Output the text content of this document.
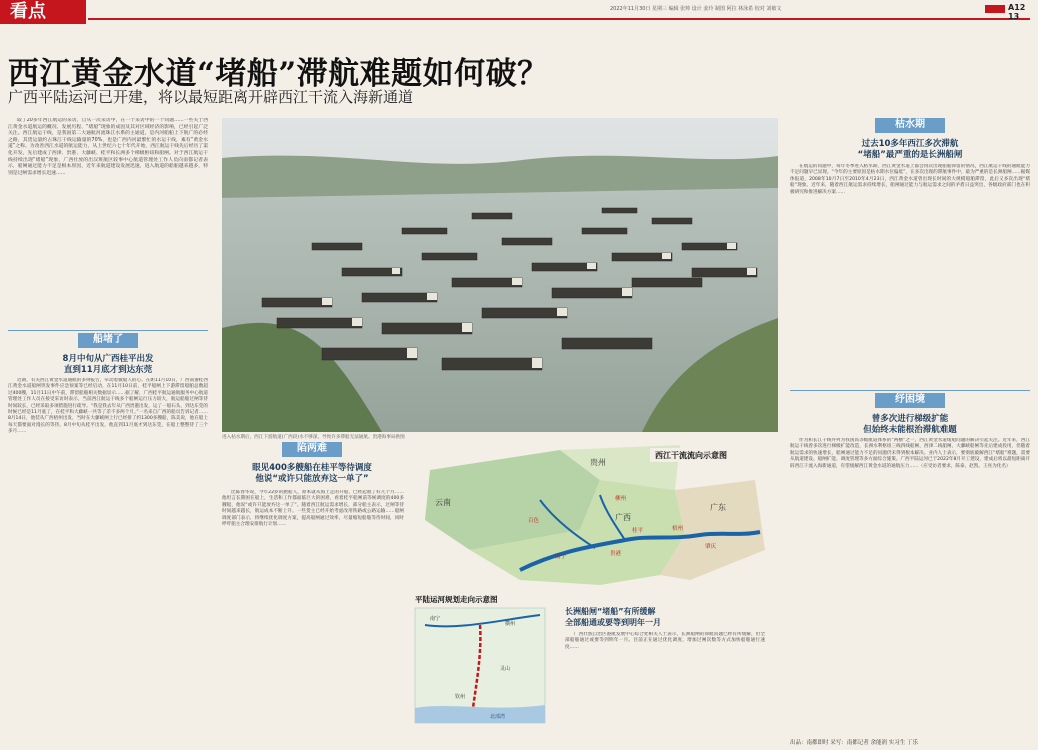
看点	2022年11月30日 星期三 编辑 张帅 设计 姜玲 制图 阿拉 林泳希 校对 刘敏文	A12 13
西江黄金水道“堵船”滞航难题如何破？
广西平陆运河已开建，将以最短距离开辟西江干流入海新通道

取了20多年西江航运的采访，自从一次采访中，在一个采访中的一个问题……一些关于西江黄金水道航运的概况、发展历程、“堵船”现象的成因及其对区域经济的影响，已经引起广泛关注。西江航运干线，是我国第二大通航河流珠江水系的主通道，是内河船舶上下航广的必经之路，其货运量约占珠江干线运输量的70%，也是广西内河最繁忙的水运干线，素有“黄金水道”之称。为改善西江水道的航运能力，从上世纪六七十年代开始，西江航运干线先后经历了渠化开发，先后建成了西津、贵港、大藤峡、桂平和长洲多个梯级枢纽和船闸。对于西江航运干线持续出现“堵船”现象，广西社放的出汉班航区较事中心航道管理处工作人员向南都记者表示，船闸通过能力不足是根本原因，近年来航道建设发展迅速，进入航道的船舶越来越多，特别是过闸需求增长迅速……

船堵了
8月中旬从广西桂平出发
直到11月底才到达东莞

近期，有关西江黄金水道通航的多则报告，牵动着微船人的心。在距11月10日，广西南番桂西江黄金水道船闸突发事件应急预案等已经启动，在11月10日前，桂平船闸上下游滞留船舶总数超过400艘，11月11日中午前，滞留船舶相关数据显示……据了解，广西桂平航运通航服务中心航道管理处工作人员在接受采访时表示，当前西江航运干线多个船闸运行压力较大，航运船舶过闸等待时间较长，已经采取多项措施进行疏导。“我是我去年从广西贵港出发，运了一船石头，到达东莞的时候已经是11月底了，在桂平和大藤峡一共等了差不多两个月。”一名来自广西的船员告诉记者……8月14日，他装从广西梧州出发，当时在大藤峡闸上行已经排了约1300多艘船，陈美说，他在船上每天都要面对漫长的等待。8月中旬从桂平出发，他直到11月底才到达东莞，在船上整整待了三个多月……

进入枯水期后，西江下游航道(广西段)水不够深，导致许多滞船无法通航。贵港海事局供图
陷两难
眼见400多艘船在桂平等待调度
他说“或许只能放弃这一单了”

比陈春华说，今年22岁的跑船人，原本就从海上走的开船，已经起航了好几个月……他坦言长期困在船上，生活和工作都面临巨大的困难，看着桂平船闸前等候调度的400多艘船，他说“或许只能放弃这一单了”。随着西江航运需求增长，部分船主表示，过闸等待时间越来越长，航运成本不断上升。一些货主已经开始考虑改用铁路或公路运输……船闸调度部门表示，将继续优化调度方案，提高船闸通过效率，尽量缩短船舶等待时间，同时呼吁船主合理安排航行计划……

云南
贵州
广西
广东
南宁	贵港
柳州
桂平	梧州
肇庆
百色
西江干流流向示意图
平陆运河规划走向示意图
南宁
横州
灵山
钦州
北部湾
长洲船闸“堵船”有所缓解
全部船通或要等到明年一月

广西壮族自治区港航发展中心综合处相关人士表示，长洲船闸的滞航问题已经有所缓解，但全部船舶通过或要等到明年一月。目前正在通过优化调度、增加过闸次数等方式加快船舶通行速度……

枯水期
过去10多年西江多次滞航
“堵船”最严重的是长洲船闸

在航运的问题中，每年冬季进入枯水期，西江黄金水道上都会再次出现船舶滞留的情况，西江航运干线的通航能力不足问题早已显现。“今年的主要原因是枯水期水位偏低”，在多次出现的滞航事件中，最为严重的是长洲船闸……据媒体报道，2008年10月7日至2010年4月23日，西江黄金水道曾出现长时间的大规模船舶滞留，此后又多次出现“堵船”现象。近年来，随着西江航运需求持续增长，船闸通过能力与航运需求之间的矛盾日益突出，各级政府部门也在积极研究和推进解决方案……

纾困境
曾多次进行梯级扩能
但始终未能根治滞航难题

作为和长江干线并列为我国高等级航道体系的“两横”之一，西江黄金水道堵船问题的解决引起关注。近年来，西江航运干线曾多次进行梯级扩能改造，长洲水利枢纽三线四线船闸、西津二线船闸、大藤峡船闸等先后建成投用，但随着航运需求的快速增长，船闸通过能力不足的问题仍未得到根本解决。业内人士表示，要彻底破解西江“堵船”难题，需要从航道建设、船闸扩能、调度管理等多方面综合施策。广西平陆运河已于2022年8月开工建设，建成后将以最短距离开辟西江干流入海新通道，有望缓解西江黄金水道的通航压力……（应受访者要求，陈泰、赵凯、王亮为化名）

出品：南都即时 采写：南都记者 余能润 实习生 丁乐
